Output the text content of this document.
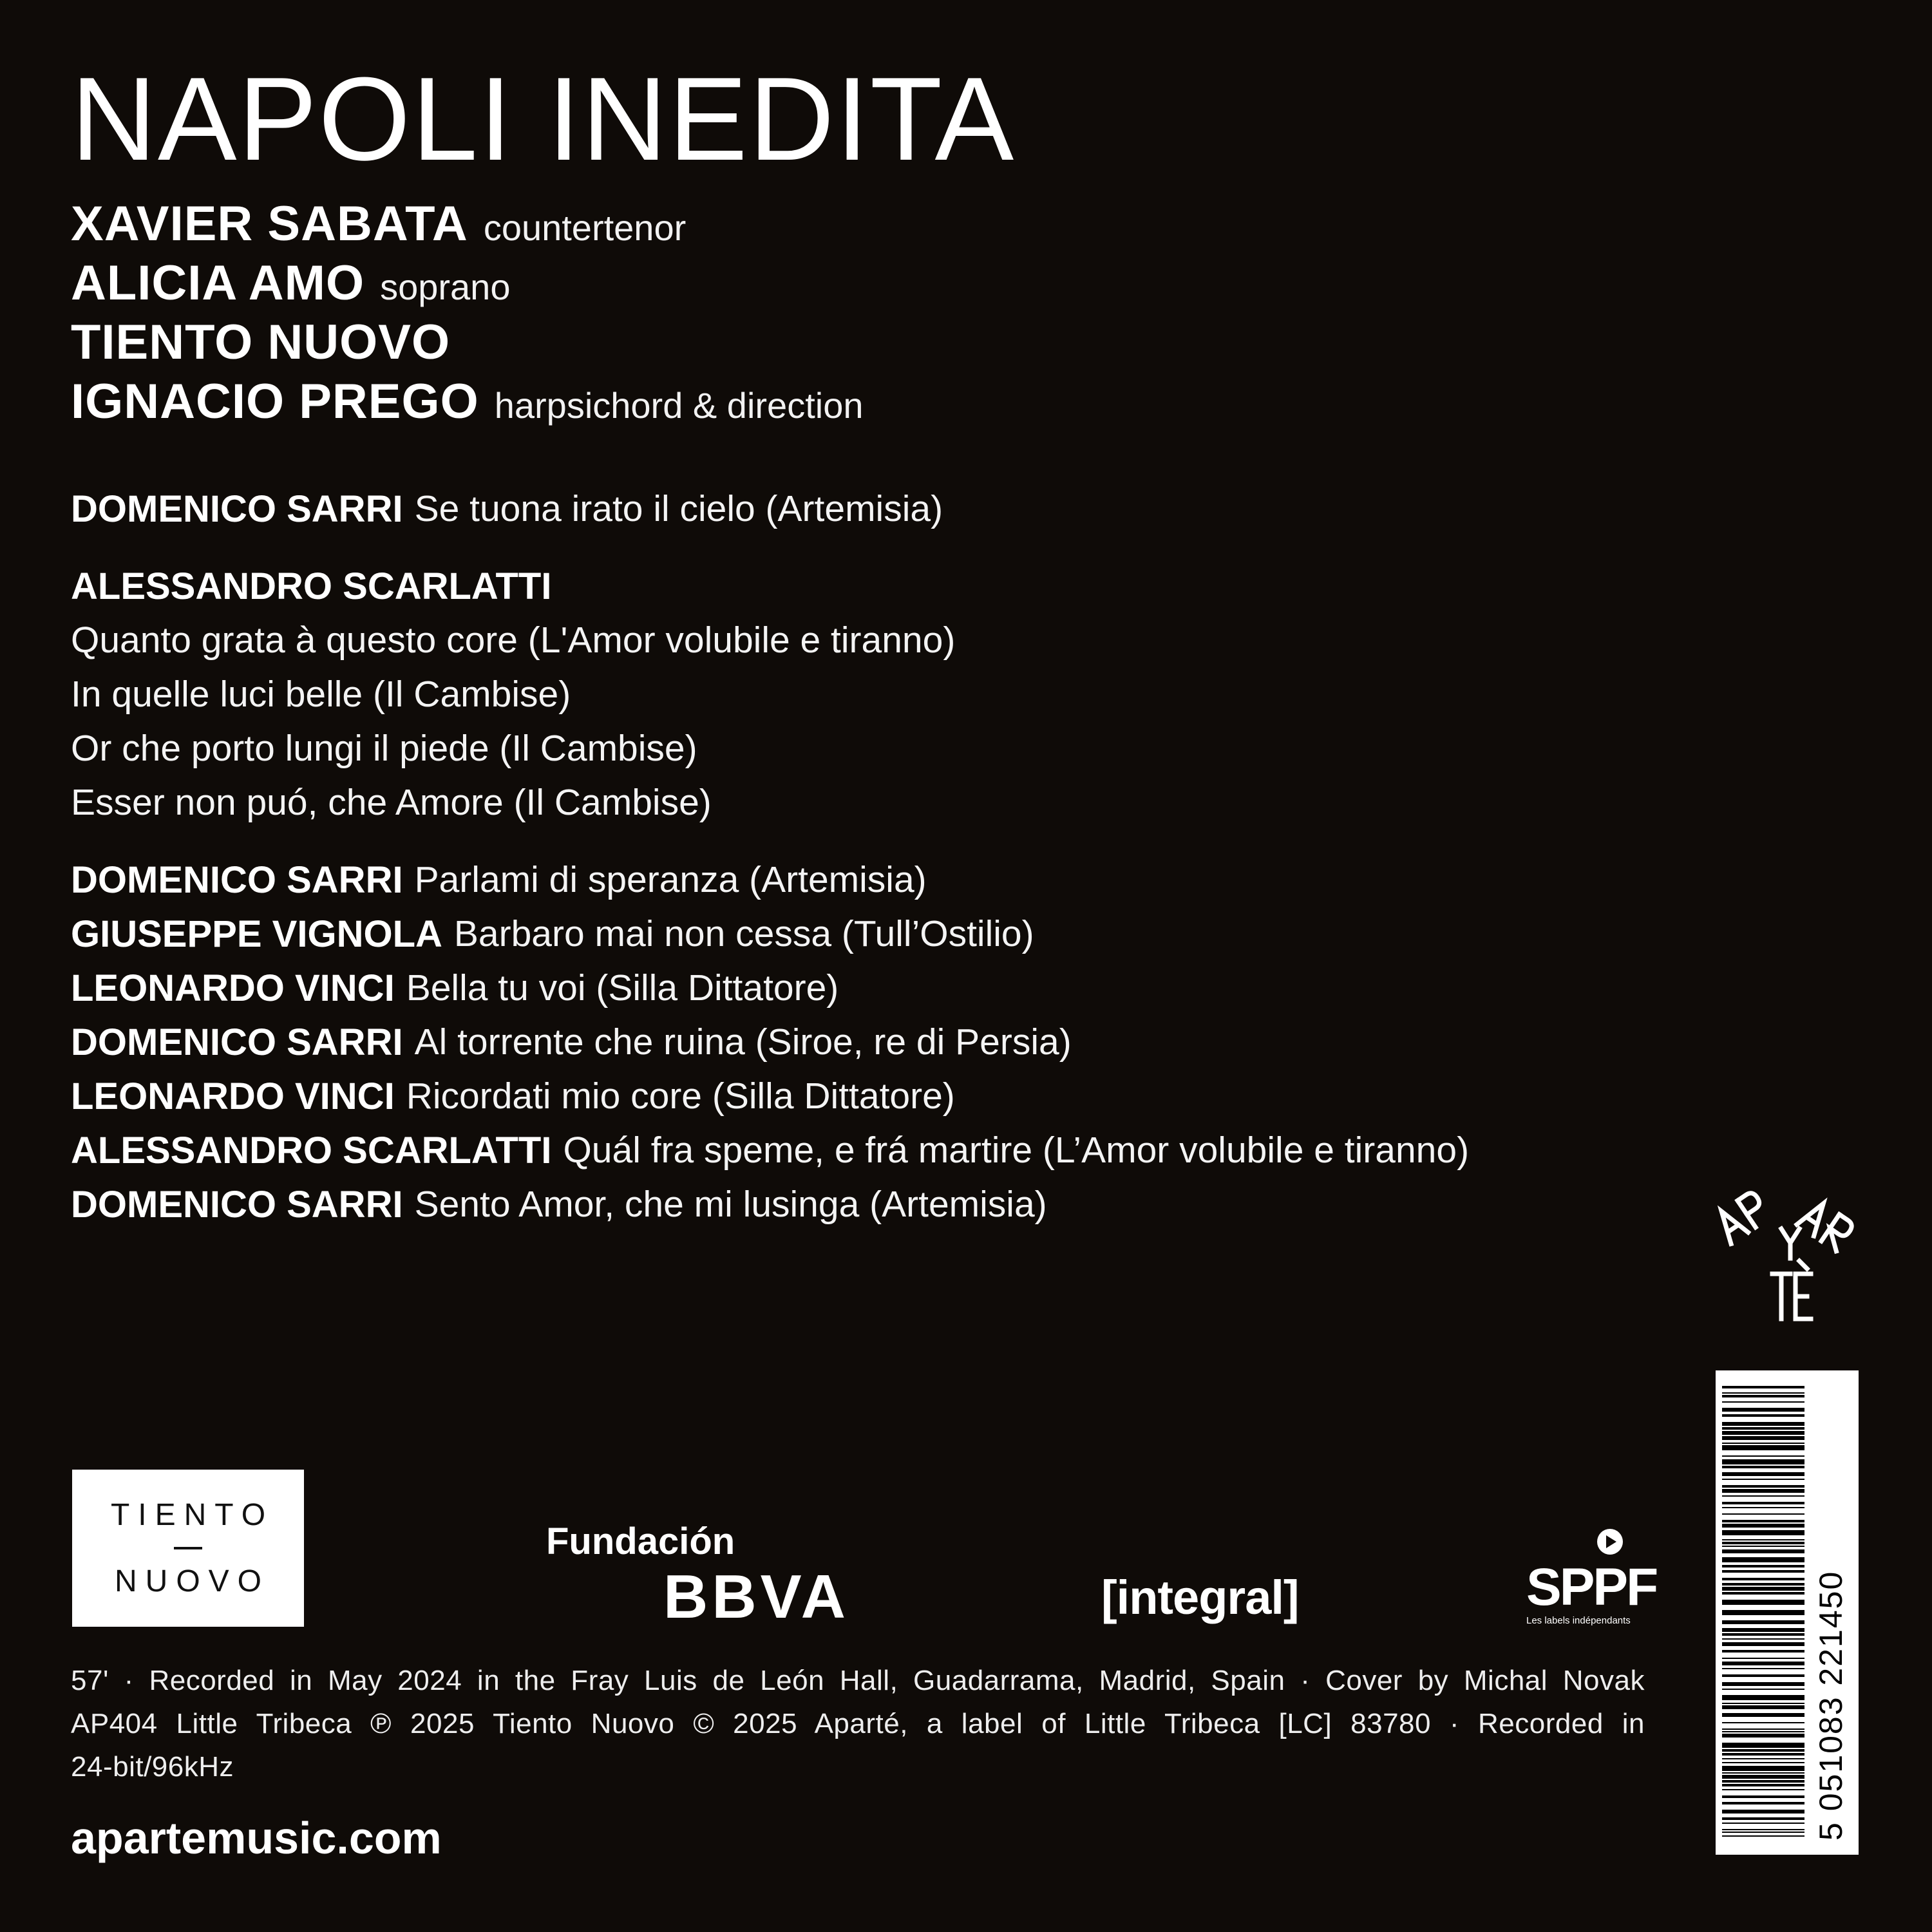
NAPOLI INEDITA
XAVIER SABATA countertenor
ALICIA AMO soprano
TIENTO NUOVO
IGNACIO PREGO harpsichord & direction
DOMENICO SARRI Se tuona irato il cielo (Artemisia)
ALESSANDRO SCARLATTI
Quanto grata à questo core (L'Amor volubile e tiranno)
In quelle luci belle (Il Cambise)
Or che porto lungi il piede (Il Cambise)
Esser non puó, che Amore (Il Cambise)
DOMENICO SARRI Parlami di speranza (Artemisia)
GIUSEPPE VIGNOLA Barbaro mai non cessa (Tull’Ostilio)
LEONARDO VINCI Bella tu voi (Silla Dittatore)
DOMENICO SARRI Al torrente che ruina (Siroe, re di Persia)
LEONARDO VINCI Ricordati mio core (Silla Dittatore)
ALESSANDRO SCARLATTI Quál fra speme, e frá martire (L’Amor volubile e tiranno)
DOMENICO SARRI Sento Amor, che mi lusinga (Artemisia)
5 051083 221450
TIENTO
NUOVO
Fundación
BBVA	[integral]	SPPF
Les labels indépendants
57' · Recorded in May 2024 in the Fray Luis de León Hall, Guadarrama, Madrid, Spain · Cover by Michal Novak
AP404 Little Tribeca ℗ 2025 Tiento Nuovo © 2025 Aparté, a label of Little Tribeca [LC] 83780 · Recorded in
24-bit/96kHz
apartemusic.com
